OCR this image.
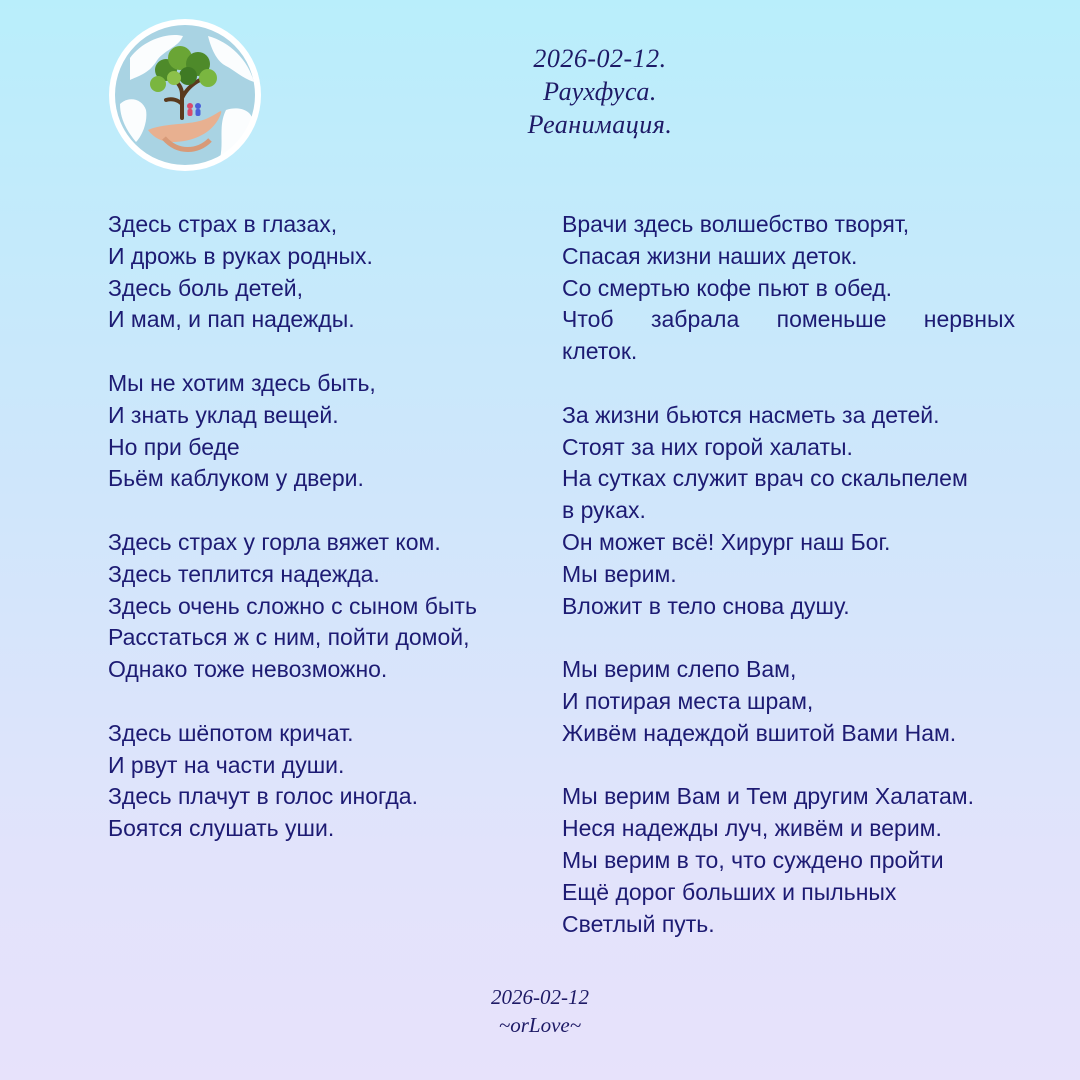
2026-02-12.
Раухфуса.
Реанимация.
Здесь страх в глазах,
И дрожь в руках родных.
Здесь боль детей,
И мам, и пап надежды.
Мы не хотим здесь быть,
И знать уклад вещей.
Но при беде
Бьём каблуком у двери.
Здесь страх у горла вяжет ком.
Здесь теплится надежда.
Здесь очень сложно с сыном быть
Расстаться ж с ним, пойти домой,
Однако тоже невозможно.
Здесь шёпотом кричат.
И рвут на части души.
Здесь плачут в голос иногда.
Боятся слушать уши.
Врачи здесь волшебство творят,
Спасая жизни наших деток.
Со смертью кофе пьют в обед.
Чтоб забрала поменьше нервных
клеток.
За жизни бьются насметь за детей.
Стоят за них горой халаты.
На сутках служит врач со скальпелем
в руках.
Он может всё! Хирург наш Бог.
Мы верим.
Вложит в тело снова душу.
Мы верим слепо Вам,
И потирая места шрам,
Живём надеждой вшитой Вами Нам.
Мы верим Вам и Тем другим Халатам.
Неся надежды луч, живём и верим.
Мы верим в то, что суждено пройти
Ещё дорог больших и пыльных
Светлый путь.
2026-02-12
~orLove~
